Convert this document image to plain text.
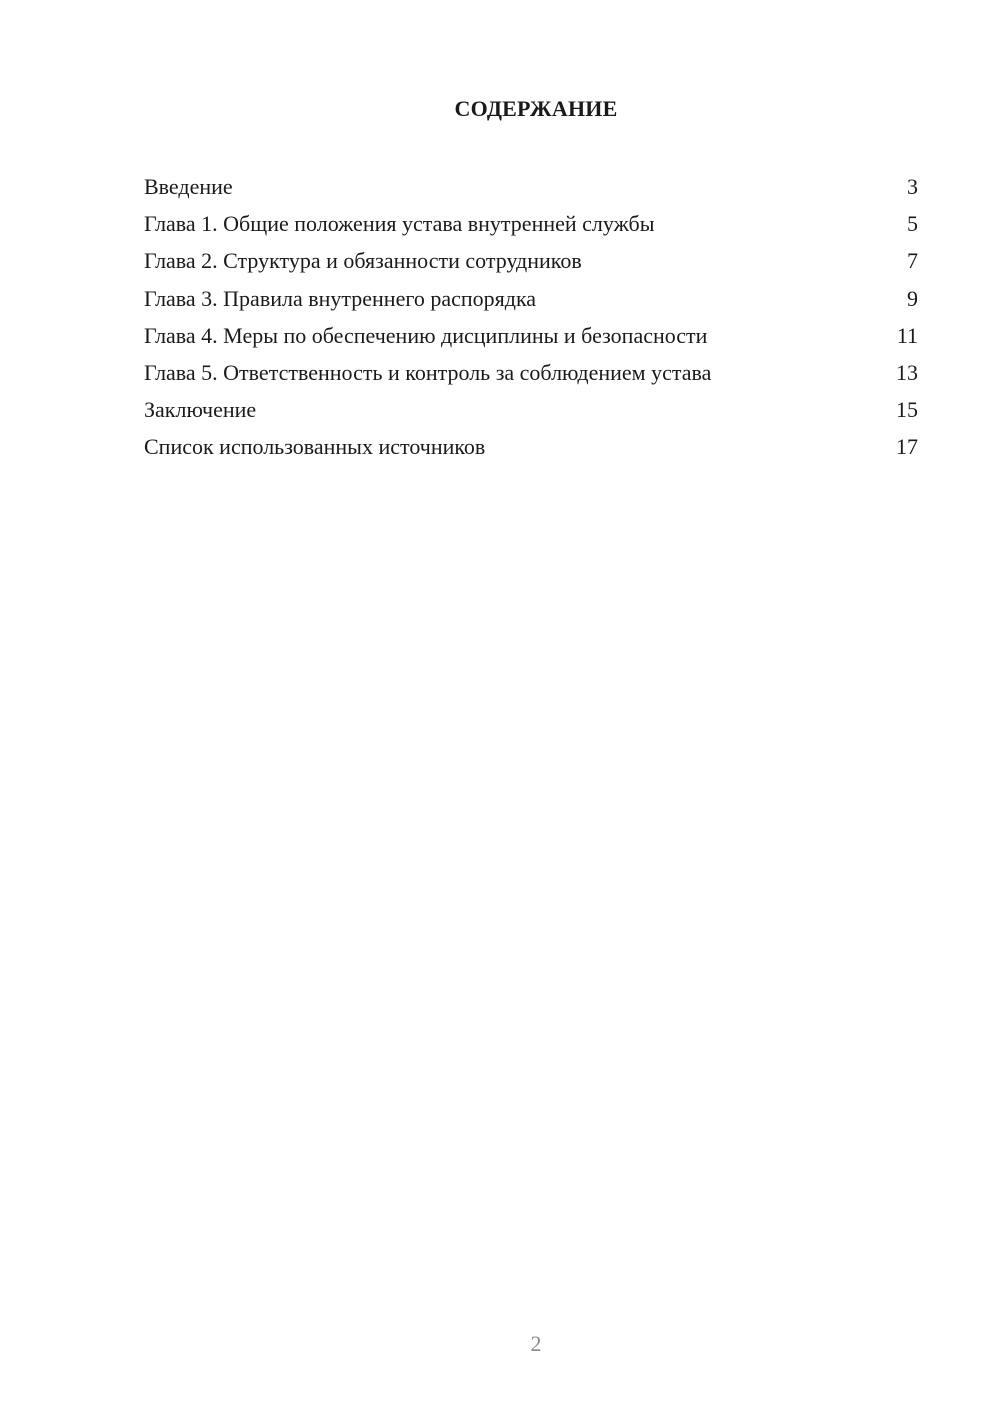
СОДЕРЖАНИЕ
Введение	3
Глава 1. Общие положения устава внутренней службы	5
Глава 2. Структура и обязанности сотрудников	7
Глава 3. Правила внутреннего распорядка	9
Глава 4. Меры по обеспечению дисциплины и безопасности	11
Глава 5. Ответственность и контроль за соблюдением устава	13
Заключение	15
Список использованных источников	17
2
